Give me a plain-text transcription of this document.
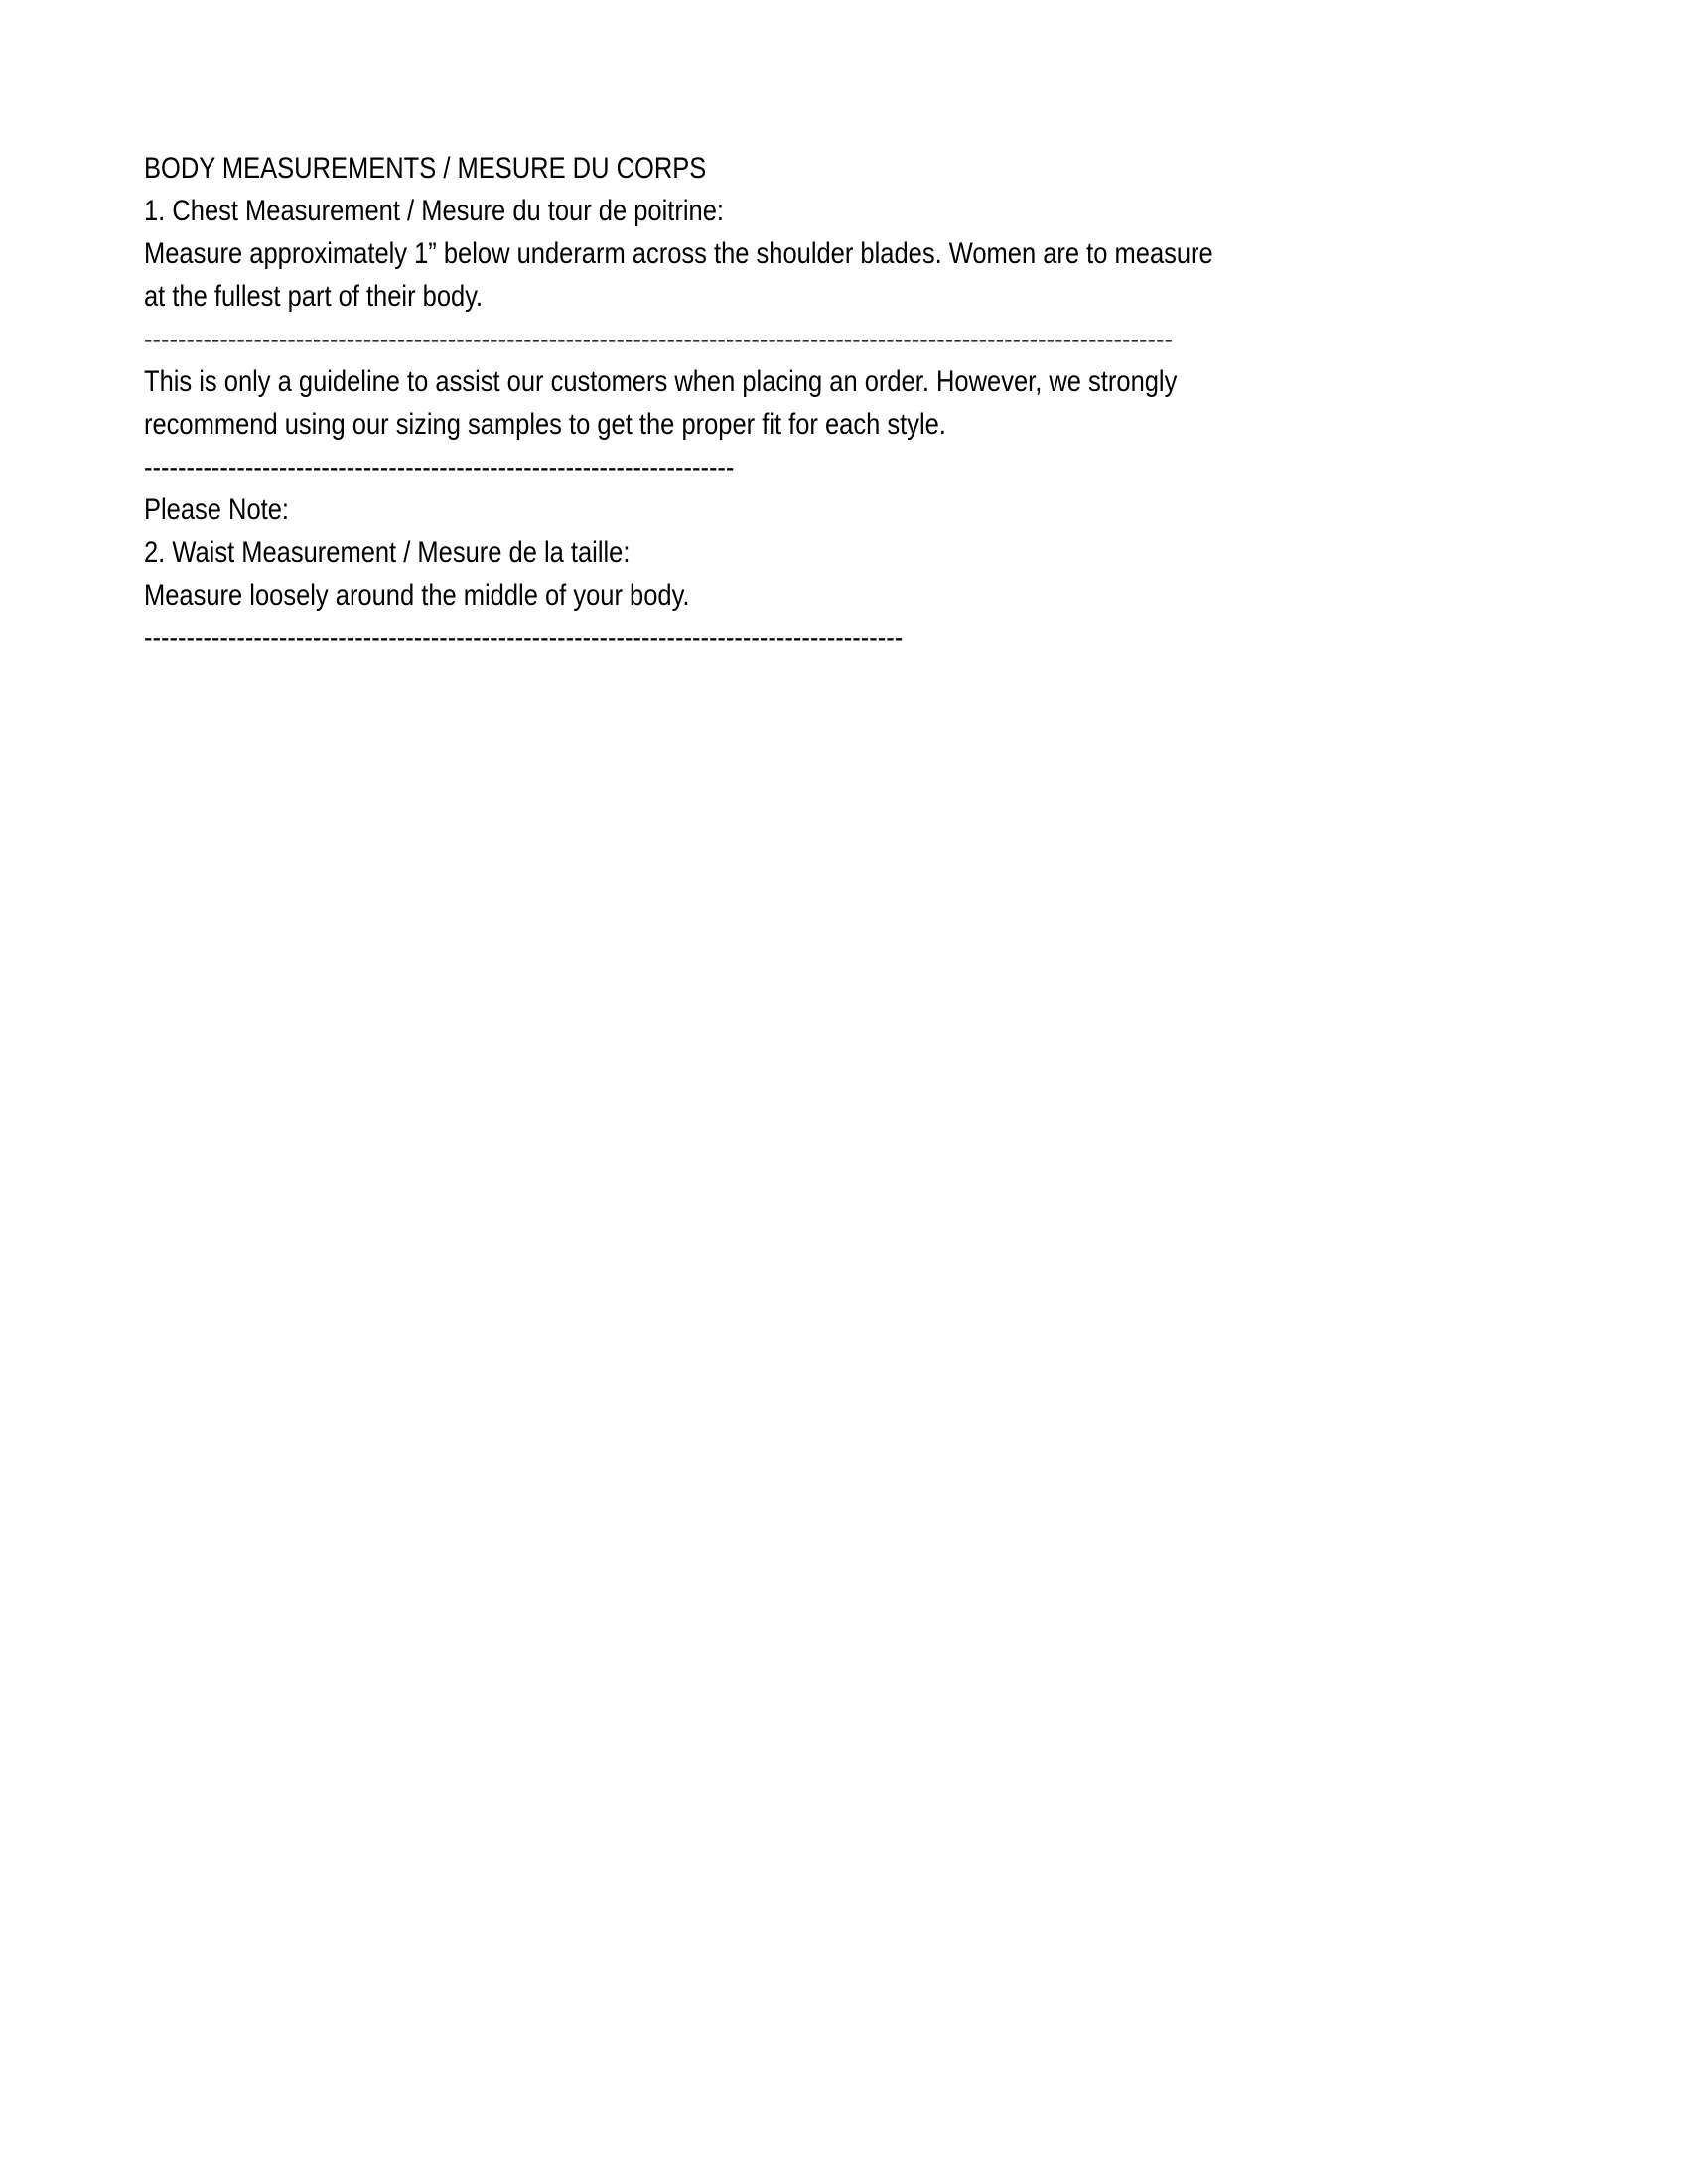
BODY MEASUREMENTS / MESURE DU CORPS
1. Chest Measurement / Mesure du tour de poitrine:
Measure approximately 1” below underarm across the shoulder blades. Women are to measure
at the fullest part of their body.
--------------------------------------------------------------------------------------------------------------------------
This is only a guideline to assist our customers when placing an order. However, we strongly
recommend using our sizing samples to get the proper fit for each style.
----------------------------------------------------------------------
Please Note:
2. Waist Measurement / Mesure de la taille:
Measure loosely around the middle of your body.
------------------------------------------------------------------------------------------
